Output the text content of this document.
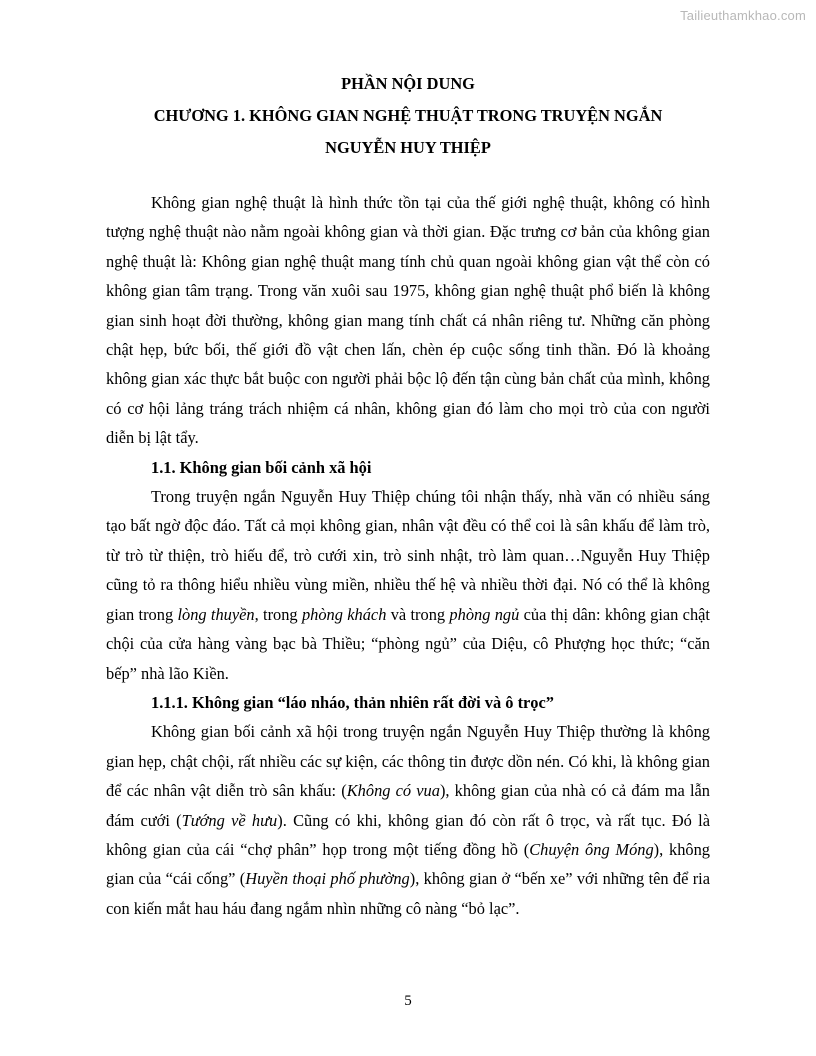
Tailieuthamkhao.com
PHẦN NỘI DUNG
CHƯƠNG 1. KHÔNG GIAN NGHỆ THUẬT TRONG TRUYỆN NGẮN
NGUYỄN HUY THIỆP

Không gian nghệ thuật là hình thức tồn tại của thế giới nghệ thuật, không có hình tượng nghệ thuật nào nằm ngoài không gian và thời gian. Đặc trưng cơ bản của không gian nghệ thuật là: Không gian nghệ thuật mang tính chủ quan ngoài không gian vật thể còn có không gian tâm trạng. Trong văn xuôi sau 1975, không gian nghệ thuật phổ biến là không gian sinh hoạt đời thường, không gian mang tính chất cá nhân riêng tư. Những căn phòng chật hẹp, bức bối, thế giới đồ vật chen lấn, chèn ép cuộc sống tinh thần. Đó là khoảng không gian xác thực bắt buộc con người phải bộc lộ đến tận cùng bản chất của mình, không có cơ hội lảng tráng trách nhiệm cá nhân, không gian đó làm cho mọi trò của con người diễn bị lật tẩy.

1.1. Không gian bối cảnh xã hội

Trong truyện ngắn Nguyễn Huy Thiệp chúng tôi nhận thấy, nhà văn có nhiều sáng tạo bất ngờ độc đáo. Tất cả mọi không gian, nhân vật đều có thể coi là sân khấu để làm trò, từ trò từ thiện, trò hiếu để, trò cưới xin, trò sinh nhật, trò làm quan…Nguyễn Huy Thiệp cũng tỏ ra thông hiểu nhiều vùng miền, nhiều thế hệ và nhiều thời đại. Nó có thể là không gian trong lòng thuyền, trong phòng khách và trong phòng ngủ của thị dân: không gian chật chội của cửa hàng vàng bạc bà Thiều; “phòng ngủ” của Diệu, cô Phượng học thức; “căn bếp” nhà lão Kiền.

1.1.1. Không gian “láo nháo, thản nhiên rất đời và ô trọc”

Không gian bối cảnh xã hội trong truyện ngắn Nguyễn Huy Thiệp thường là không gian hẹp, chật chội, rất nhiều các sự kiện, các thông tin được dồn nén. Có khi, là không gian để các nhân vật diễn trò sân khấu: (Không có vua), không gian của nhà có cả đám ma lẫn đám cưới (Tướng về hưu). Cũng có khi, không gian đó còn rất ô trọc, và rất tục. Đó là không gian của cái “chợ phân” họp trong một tiếng đồng hồ (Chuyện ông Móng), không gian của “cái cống” (Huyền thoại phố phường), không gian ở “bến xe” với những tên để ria con kiến mắt hau háu đang ngắm nhìn những cô nàng “bỏ lạc”.

5
